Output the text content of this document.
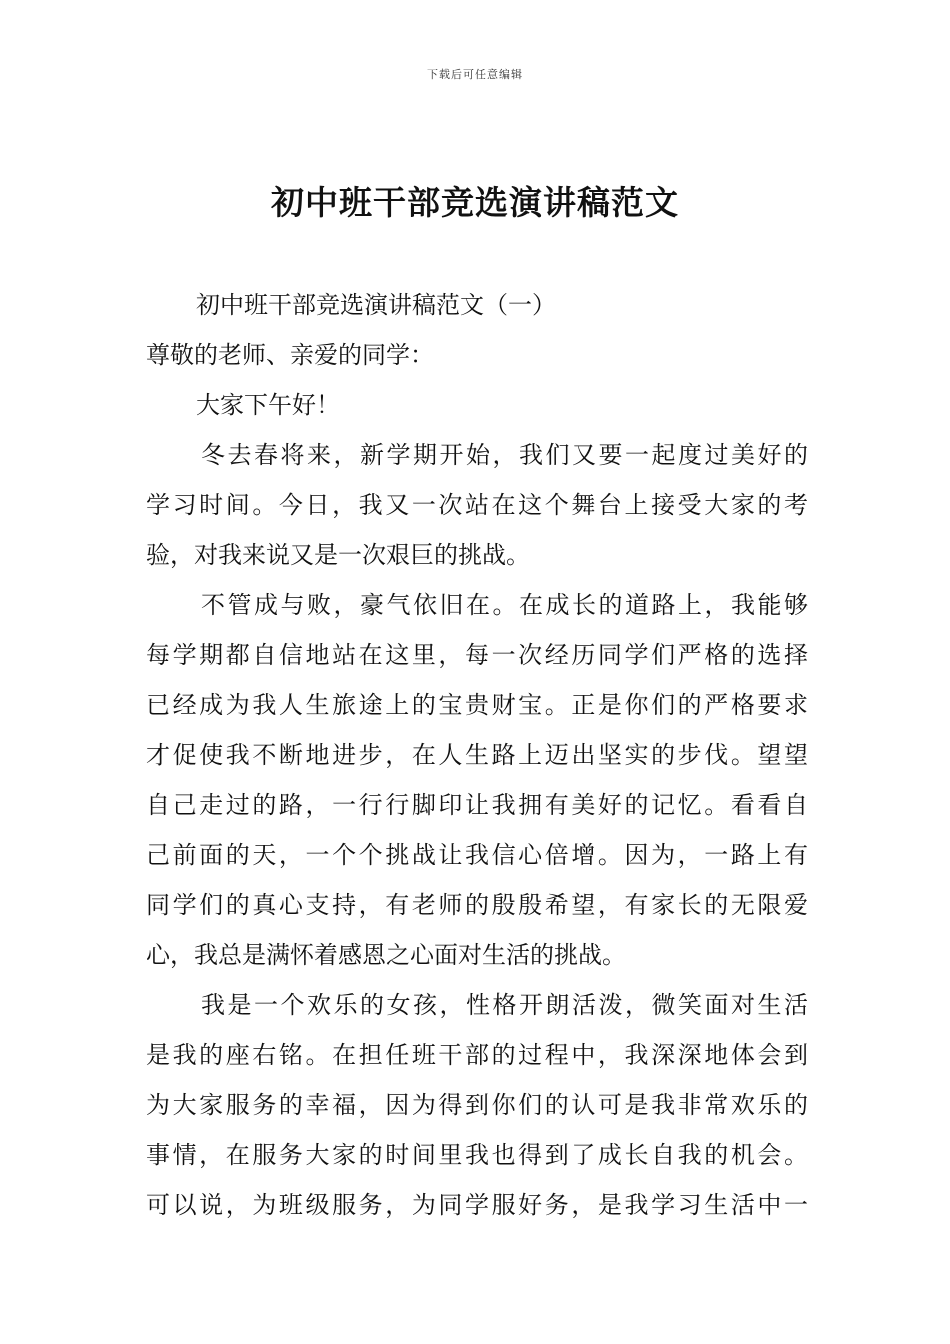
下载后可任意编辑
初中班干部竞选演讲稿范文
初中班干部竞选演讲稿范文（一）
尊敬的老师、亲爱的同学：
大家下午好！
冬去春将来，新学期开始，我们又要一起度过美好的
学习时间。今日，我又一次站在这个舞台上接受大家的考
验，对我来说又是一次艰巨的挑战。
不管成与败，豪气依旧在。在成长的道路上，我能够
每学期都自信地站在这里，每一次经历同学们严格的选择
已经成为我人生旅途上的宝贵财宝。正是你们的严格要求
才促使我不断地进步，在人生路上迈出坚实的步伐。望望
自己走过的路，一行行脚印让我拥有美好的记忆。看看自
己前面的天，一个个挑战让我信心倍增。因为，一路上有
同学们的真心支持，有老师的殷殷希望，有家长的无限爱
心，我总是满怀着感恩之心面对生活的挑战。
我是一个欢乐的女孩，性格开朗活泼，微笑面对生活
是我的座右铭。在担任班干部的过程中，我深深地体会到
为大家服务的幸福，因为得到你们的认可是我非常欢乐的
事情，在服务大家的时间里我也得到了成长自我的机会。
可以说，为班级服务，为同学服好务，是我学习生活中一
